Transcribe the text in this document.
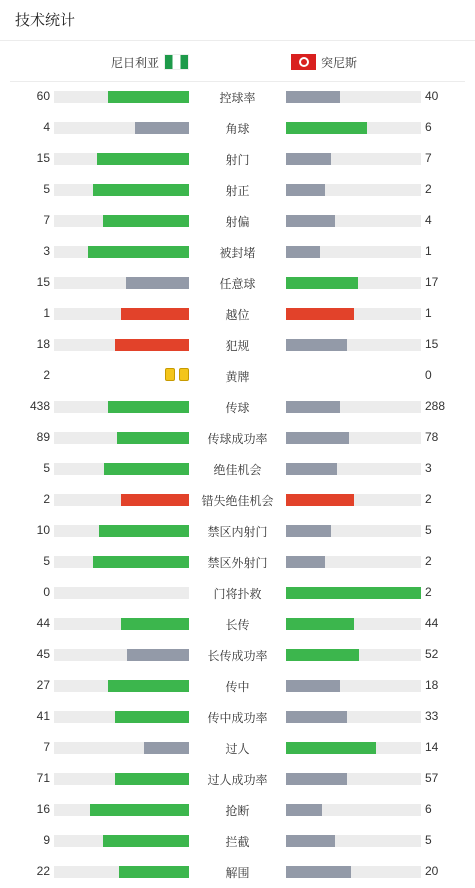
技术统计
尼日利亚	突尼斯
60	控球率	40
4	角球	6
15	射门	7
5	射正	2
7	射偏	4
3	被封堵	1
15	任意球	17
1	越位	1
18	犯规	15
2	黄牌	0
438	传球	288
89	传球成功率	78
5	绝佳机会	3
2	错失绝佳机会	2
10	禁区内射门	5
5	禁区外射门	2
0	门将扑救	2
44	长传	44
45	长传成功率	52
27	传中	18
41	传中成功率	33
7	过人	14
71	过人成功率	57
16	抢断	6
9	拦截	5
22	解围	20
